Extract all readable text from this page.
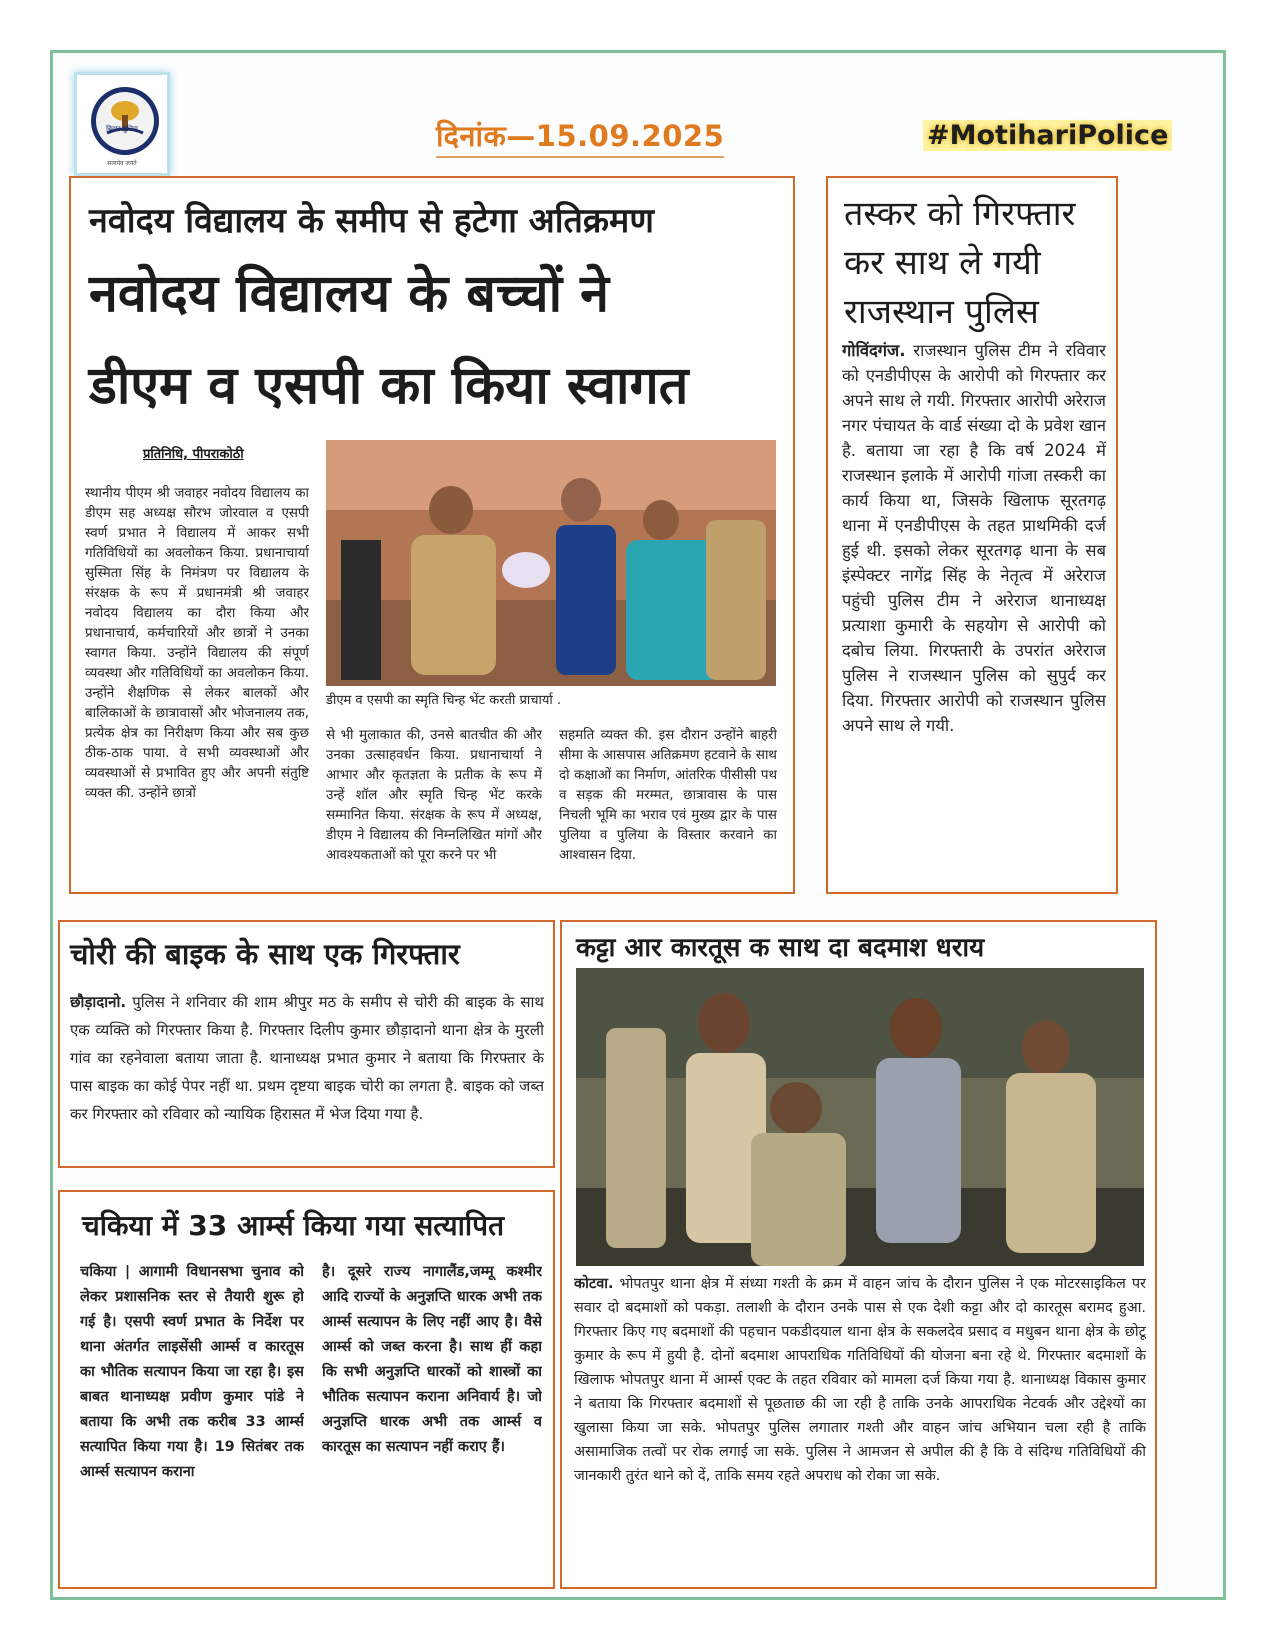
बिहार पुलिस
सत्यमेव जयते
दिनांक—15.09.2025	#MotihariPolice
नवोदय विद्यालय के समीप से हटेगा अतिक्रमण
नवोदय विद्यालय के बच्चों ने
डीएम व एसपी का किया स्वागत
प्रतिनिधि, पीपराकोठी
डीएम व एसपी का स्मृति चिन्ह भेंट करती प्राचार्या .
स्थानीय पीएम श्री जवाहर नवोदय विद्यालय का डीएम सह अध्यक्ष सौरभ जोरवाल व एसपी स्वर्ण प्रभात ने विद्यालय में आकर सभी गतिविधियों का अवलोकन किया. प्रधानाचार्या सुस्मिता सिंह के निमंत्रण पर विद्यालय के संरक्षक के रूप में प्रधानमंत्री श्री जवाहर नवोदय विद्यालय का दौरा किया और प्रधानाचार्य, कर्मचारियों और छात्रों ने उनका स्वागत किया. उन्होंने विद्यालय की संपूर्ण व्यवस्था और गतिविधियों का अवलोकन किया. उन्होंने शैक्षणिक से लेकर बालकों और बालिकाओं के छात्रावासों और भोजनालय तक, प्रत्येक क्षेत्र का निरीक्षण किया और सब कुछ ठीक-ठाक पाया. वे सभी व्यवस्थाओं और व्यवस्थाओं से प्रभावित हुए और अपनी संतुष्टि व्यक्त की. उन्होंने छात्रों
से भी मुलाकात की, उनसे बातचीत की और उनका उत्साहवर्धन किया. प्रधानाचार्या ने आभार और कृतज्ञता के प्रतीक के रूप में उन्हें शॉल और स्मृति चिन्ह भेंट करके सम्मानित किया. संरक्षक के रूप में अध्यक्ष, डीएम ने विद्यालय की निम्नलिखित मांगों और आवश्यकताओं को पूरा करने पर भी
सहमति व्यक्त की. इस दौरान उन्होंने बाहरी सीमा के आसपास अतिक्रमण हटवाने के साथ दो कक्षाओं का निर्माण, आंतरिक पीसीसी पथ व सड़क की मरम्मत, छात्रावास के पास निचली भूमि का भराव एवं मुख्य द्वार के पास पुलिया व पुलिया के विस्तार करवाने का आश्वासन दिया.
तस्कर को गिरफ्तार कर साथ ले गयी राजस्थान पुलिस
गोविंदगंज. राजस्थान पुलिस टीम ने रविवार को एनडीपीएस के आरोपी को गिरफ्तार कर अपने साथ ले गयी. गिरफ्तार आरोपी अरेराज नगर पंचायत के वार्ड संख्या दो के प्रवेश खान है. बताया जा रहा है कि वर्ष 2024 में राजस्थान इलाके में आरोपी गांजा तस्करी का कार्य किया था, जिसके खिलाफ सूरतगढ़ थाना में एनडीपीएस के तहत प्राथमिकी दर्ज हुई थी. इसको लेकर सूरतगढ़ थाना के सब इंस्पेक्टर नागेंद्र सिंह के नेतृत्व में अरेराज पहुंची पुलिस टीम ने अरेराज थानाध्यक्ष प्रत्याशा कुमारी के सहयोग से आरोपी को दबोच लिया. गिरफ्तारी के उपरांत अरेराज पुलिस ने राजस्थान पुलिस को सुपुर्द कर दिया. गिरफ्तार आरोपी को राजस्थान पुलिस अपने साथ ले गयी.
चोरी की बाइक के साथ एक गिरफ्तार
छौड़ादानो. पुलिस ने शनिवार की शाम श्रीपुर मठ के समीप से चोरी की बाइक के साथ एक व्यक्ति को गिरफ्तार किया है. गिरफ्तार दिलीप कुमार छौड़ादानो थाना क्षेत्र के मुरली गांव का रहनेवाला बताया जाता है. थानाध्यक्ष प्रभात कुमार ने बताया कि गिरफ्तार के पास बाइक का कोई पेपर नहीं था. प्रथम दृष्टया बाइक चोरी का लगता है. बाइक को जब्त कर गिरफ्तार को रविवार को न्यायिक हिरासत में भेज दिया गया है.
चकिया में 33 आर्म्स किया गया सत्यापित
चकिया | आगामी विधानसभा चुनाव को लेकर प्रशासनिक स्तर से तैयारी शुरू हो गई है। एसपी स्वर्ण प्रभात के निर्देश पर थाना अंतर्गत लाइसेंसी आर्म्स व कारतूस का भौतिक सत्यापन किया जा रहा है। इस बाबत थानाध्यक्ष प्रवीण कुमार पांडे ने बताया कि अभी तक करीब 33 आर्म्स सत्यापित किया गया है। 19 सितंबर तक आर्म्स सत्यापन कराना
है। दूसरे राज्य नागालैंड,जम्मू कश्मीर आदि राज्यों के अनुज्ञप्ति धारक अभी तक आर्म्स सत्यापन के लिए नहीं आए है। वैसे आर्म्स को जब्त करना है। साथ हीं कहा कि सभी अनुज्ञप्ति धारकों को शास्त्रों का भौतिक सत्यापन कराना अनिवार्य है। जो अनुज्ञप्ति धारक अभी तक आर्म्स व कारतूस का सत्यापन नहीं कराए हैं।
कट्टा आर कारतूस क साथ दा बदमाश धराय
कोटवा. भोपतपुर थाना क्षेत्र में संध्या गश्ती के क्रम में वाहन जांच के दौरान पुलिस ने एक मोटरसाइकिल पर सवार दो बदमाशों को पकड़ा. तलाशी के दौरान उनके पास से एक देशी कट्टा और दो कारतूस बरामद हुआ. गिरफ्तार किए गए बदमाशों की पहचान पकडीदयाल थाना क्षेत्र के सकलदेव प्रसाद व मधुबन थाना क्षेत्र के छोटू कुमार के रूप में हुयी है. दोनों बदमाश आपराधिक गतिविधियों की योजना बना रहे थे. गिरफ्तार बदमाशों के खिलाफ भोपतपुर थाना में आर्म्स एक्ट के तहत रविवार को मामला दर्ज किया गया है. थानाध्यक्ष विकास कुमार ने बताया कि गिरफ्तार बदमाशों से पूछताछ की जा रही है ताकि उनके आपराधिक नेटवर्क और उद्देश्यों का खुलासा किया जा सके. भोपतपुर पुलिस लगातार गश्ती और वाहन जांच अभियान चला रही है ताकि असामाजिक तत्वों पर रोक लगाई जा सके. पुलिस ने आमजन से अपील की है कि वे संदिग्ध गतिविधियों की जानकारी तुरंत थाने को दें, ताकि समय रहते अपराध को रोका जा सके.
